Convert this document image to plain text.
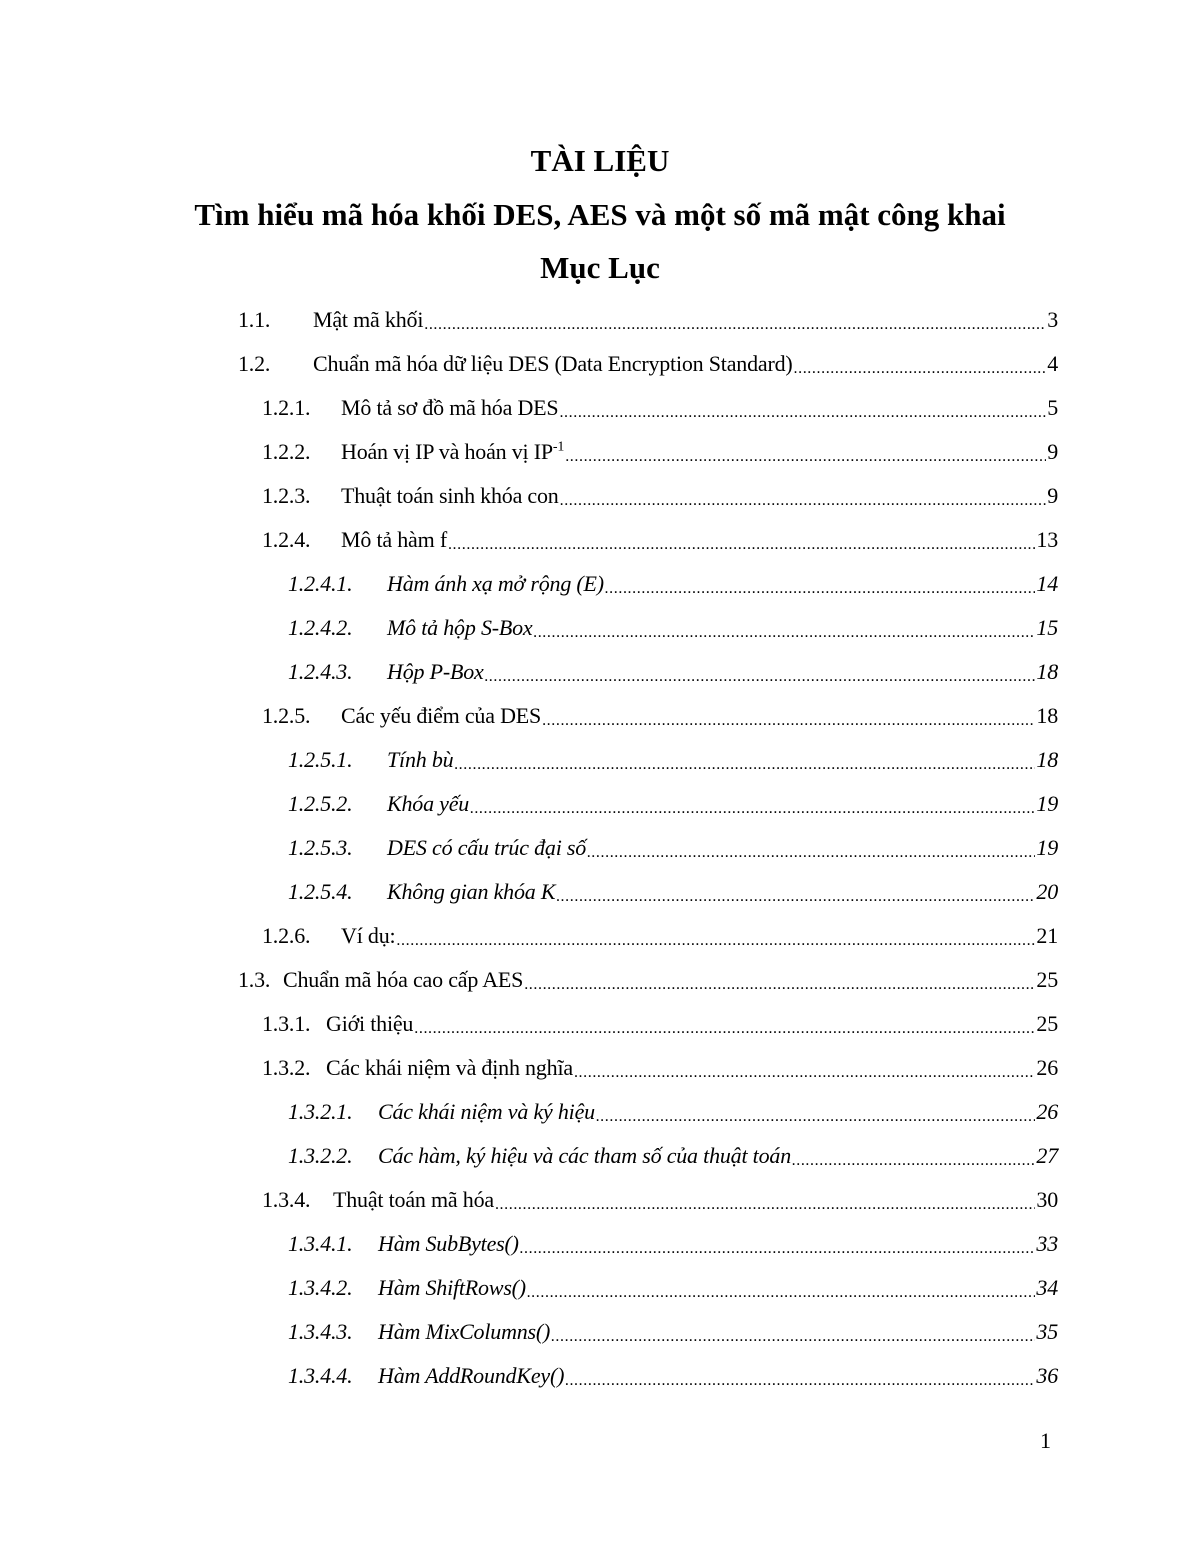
TÀI LIỆU
Tìm hiểu mã hóa khối DES, AES và một số mã mật công khai
Mục Lục
1.1.	Mật mã khối .....	3
1.2.	Chuẩn mã hóa dữ liệu DES (Data Encryption Standard) .....	4
1.2.1.	Mô tả sơ đồ mã hóa DES .....	5
1.2.2.	Hoán vị IP và hoán vị $IP^{-1}$ .....	9
1.2.3.	Thuật toán sinh khóa con .....	9
1.2.4.	Mô tả hàm f .....	13
1.2.4.1.	Hàm ánh xạ mở rộng (E) .....	14
1.2.4.2.	Mô tả hộp S-Box .....	15
1.2.4.3.	Hộp P-Box .....	18
1.2.5.	Các yếu điểm của DES .....	18
1.2.5.1.	Tính bù .....	18
1.2.5.2.	Khóa yếu .....	19
1.2.5.3.	DES có cấu trúc đại số .....	19
1.2.5.4.	Không gian khóa K .....	20
1.2.6.	Ví dụ: .....	21
1.3. Chuẩn mã hóa cao cấp AES .....	25
1.3.1. Giới thiệu .....	25
1.3.2. Các khái niệm và định nghĩa .....	26
1.3.2.1.	Các khái niệm và ký hiệu .....	26
1.3.2.2.	Các hàm, ký hiệu và các tham số của thuật toán .....	27
1.3.4.	Thuật toán mã hóa .....	30
1.3.4.1.	Hàm SubBytes() .....	33
1.3.4.2.	Hàm ShiftRows() .....	34
1.3.4.3.	Hàm MixColumns() .....	35
1.3.4.4.	Hàm AddRoundKey() .....	36
1
